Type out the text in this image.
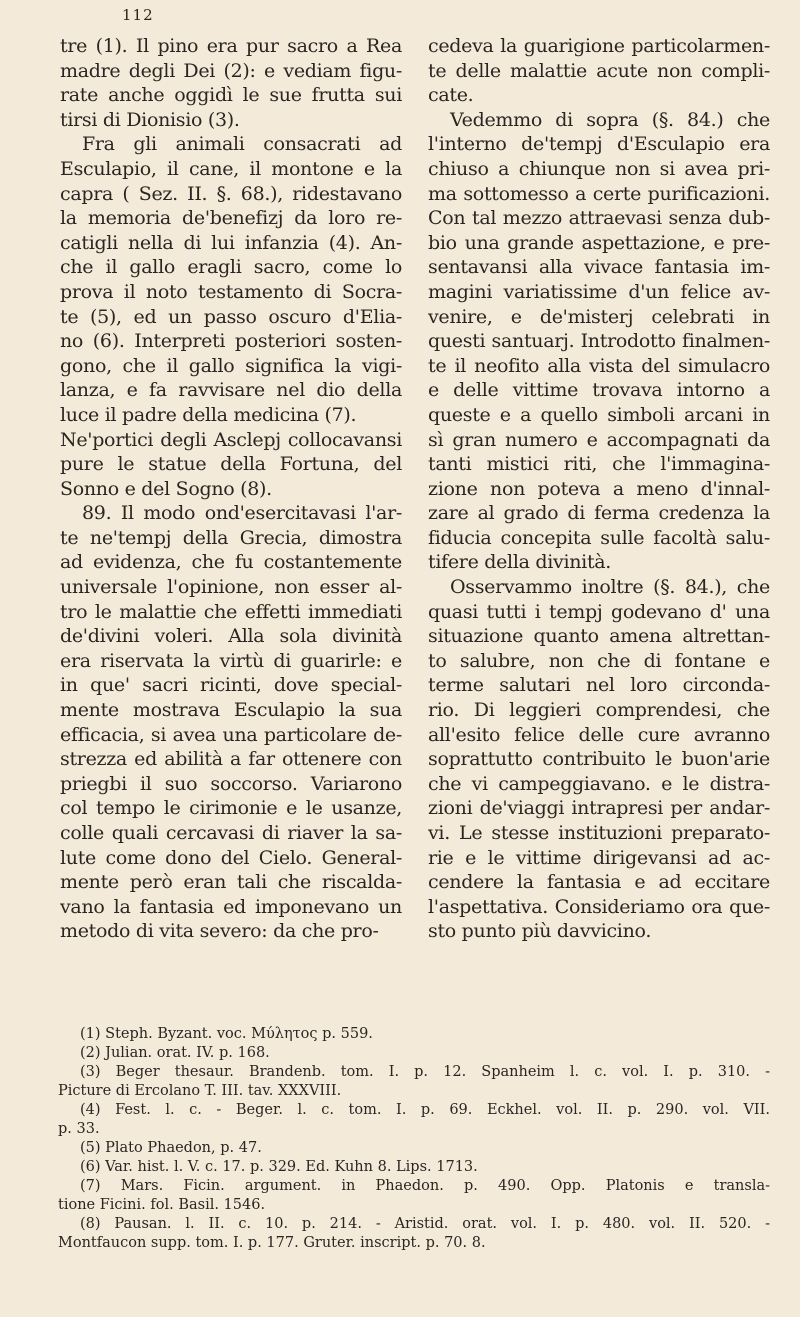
112
tre (1). Il pino era pur sacro a Rea
madre degli Dei (2): e vediam figu-
rate anche oggidì le sue frutta sui
tirsi di Dionisio (3).
Fra gli animali consacrati ad
Esculapio, il cane, il montone e la
capra ( Sez. II. §. 68.), ridestavano
la memoria de'benefizj da loro re-
catigli nella di lui infanzia (4). An-
che il gallo eragli sacro, come lo
prova il noto testamento di Socra-
te (5), ed un passo oscuro d'Elia-
no (6). Interpreti posteriori sosten-
gono, che il gallo significa la vigi-
lanza, e fa ravvisare nel dio della
luce il padre della medicina (7).
Ne'portici degli Asclepj collocavansi
pure le statue della Fortuna, del
Sonno e del Sogno (8).
89. Il modo ond'esercitavasi l'ar-
te ne'tempj della Grecia, dimostra
ad evidenza, che fu costantemente
universale l'opinione, non esser al-
tro le malattie che effetti immediati
de'divini voleri. Alla sola divinità
era riservata la virtù di guarirle: e
in que' sacri ricinti, dove special-
mente mostrava Esculapio la sua
efficacia, si avea una particolare de-
strezza ed abilità a far ottenere con
priegbi il suo soccorso. Variarono
col tempo le cirimonie e le usanze,
colle quali cercavasi di riaver la sa-
lute come dono del Cielo. General-
mente però eran tali che riscalda-
vano la fantasia ed imponevano un
metodo di vita severo: da che pro-
cedeva la guarigione particolarmen-
te delle malattie acute non compli-
cate.
Vedemmo di sopra (§. 84.) che
l'interno de'tempj d'Esculapio era
chiuso a chiunque non si avea pri-
ma sottomesso a certe purificazioni.
Con tal mezzo attraevasi senza dub-
bio una grande aspettazione, e pre-
sentavansi alla vivace fantasia im-
magini variatissime d'un felice av-
venire, e de'misterj celebrati in
questi santuarj. Introdotto finalmen-
te il neofito alla vista del simulacro
e delle vittime trovava intorno a
queste e a quello simboli arcani in
sì gran numero e accompagnati da
tanti mistici riti, che l'immagina-
zione non poteva a meno d'innal-
zare al grado di ferma credenza la
fiducia concepita sulle facoltà salu-
tifere della divinità.
Osservammo inoltre (§. 84.), che
quasi tutti i tempj godevano d' una
situazione quanto amena altrettan-
to salubre, non che di fontane e
terme salutari nel loro circonda-
rio. Di leggieri comprendesi, che
all'esito felice delle cure avranno
soprattutto contribuito le buon'arie
che vi campeggiavano. e le distra-
zioni de'viaggi intrapresi per andar-
vi. Le stesse instituzioni preparato-
rie e le vittime dirigevansi ad ac-
cendere la fantasia e ad eccitare
l'aspettativa. Consideriamo ora que-
sto punto più davvicino.
(1) Steph. Byzant. voc. Μύλητος p. 559.
(2) Julian. orat. IV. p. 168.
(3) Beger thesaur. Brandenb. tom. I. p. 12. Spanheim l. c. vol. I. p. 310. -
Picture di Ercolano T. III. tav. XXXVIII.
(4) Fest. l. c. - Beger. l. c. tom. I. p. 69. Eckhel. vol. II. p. 290. vol. VII.
p. 33.
(5) Plato Phaedon, p. 47.
(6) Var. hist. l. V. c. 17. p. 329. Ed. Kuhn 8. Lips. 1713.
(7) Mars. Ficin. argument. in Phaedon. p. 490. Opp. Platonis e transla-
tione Ficini. fol. Basil. 1546.
(8) Pausan. l. II. c. 10. p. 214. - Aristid. orat. vol. I. p. 480. vol. II. 520. -
Montfaucon supp. tom. I. p. 177. Gruter. inscript. p. 70. 8.
